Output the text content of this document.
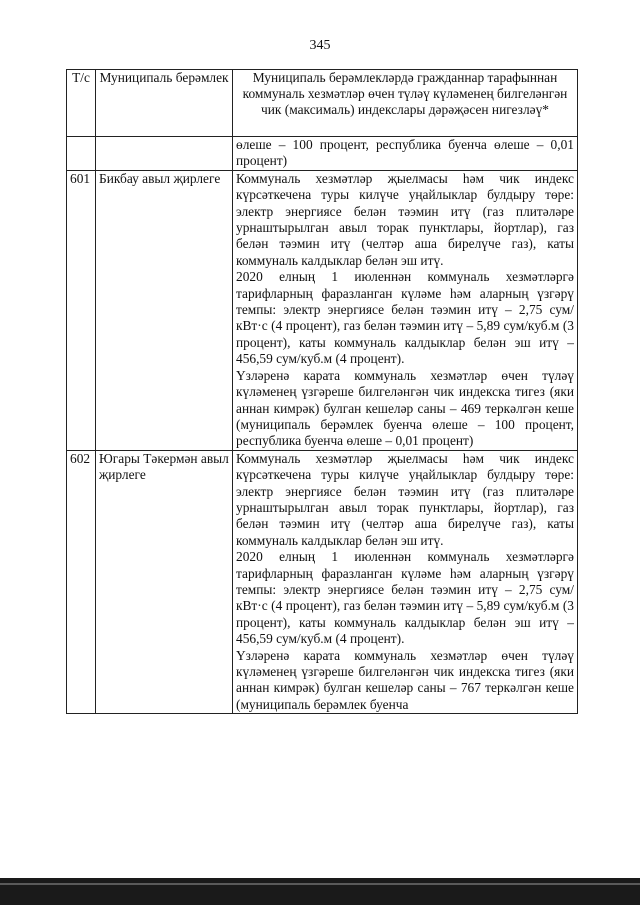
345
Т/с	Муниципаль берәмлек	Муниципаль берәмлекләрдә гражданнар тарафыннан коммуналь хезмәтләр өчен түләү күләменең билгеләнгән чик (максималь) индекслары дәрәҗәсен нигезләү*
		өлеше – 100 процент, республика буенча өлеше – 0,01 процент)
601	Бикбау авыл җирлеге	Коммуналь хезмәтләр җыелмасы һәм чик индекс күрсәткечена туры килүче уңайлыклар булдыру төре: электр энергиясе белән тәэмин итү (газ плитәләре урнаштырылган авыл торак пунктлары, йортлар), газ белән тәэмин итү (челтәр аша бирелүче газ), каты коммуналь калдыклар белән эш итү.

2020 елның 1 июленнән коммуналь хезмәтләргә тарифларның фаразланган күләме һәм аларның үзгәрү темпы: электр энергиясе белән тәэмин итү – 2,75 сум/кВт·с (4 процент), газ белән тәэмин итү – 5,89 сум/куб.м (3 процент), каты коммуналь калдыклар белән эш итү – 456,59 сум/куб.м (4 процент).

Үзләренә карата коммуналь хезмәтләр өчен түләү күләменең үзгәреше билгеләнгән чик индекска тигез (яки аннан кимрәк) булган кешеләр саны – 469 теркәлгән кеше (муниципаль берәмлек буенча өлеше – 100 процент, республика буенча өлеше – 0,01 процент)

602	Югары Тәкермән авыл җирлеге	Коммуналь хезмәтләр җыелмасы һәм чик индекс күрсәткечена туры килүче уңайлыклар булдыру төре: электр энергиясе белән тәэмин итү (газ плитәләре урнаштырылган авыл торак пунктлары, йортлар), газ белән тәэмин итү (челтәр аша бирелүче газ), каты коммуналь калдыклар белән эш итү.

2020 елның 1 июленнән коммуналь хезмәтләргә тарифларның фаразланган күләме һәм аларның үзгәрү темпы: электр энергиясе белән тәэмин итү – 2,75 сум/кВт·с (4 процент), газ белән тәэмин итү – 5,89 сум/куб.м (3 процент), каты коммуналь калдыклар белән эш итү – 456,59 сум/куб.м (4 процент).

Үзләренә карата коммуналь хезмәтләр өчен түләү күләменең үзгәреше билгеләнгән чик индекска тигез (яки аннан кимрәк) булган кешеләр саны – 767 теркәлгән кеше (муниципаль берәмлек буенча
